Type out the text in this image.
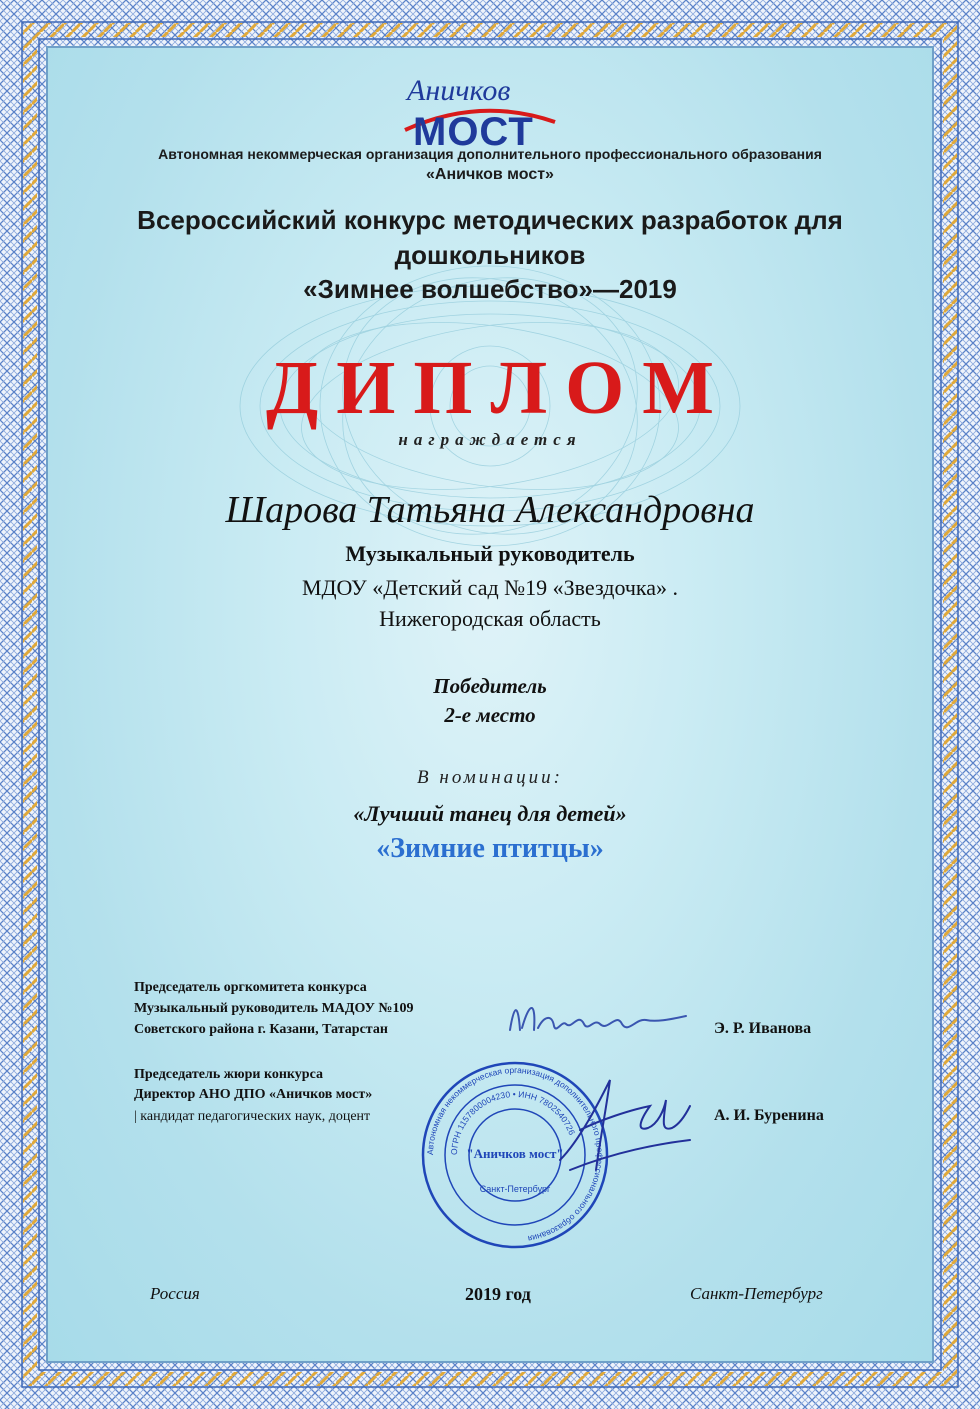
Аничков
МОСТ
Автономная некоммерческая организация дополнительного профессионального образования
«Аничков мост»
Всероссийский конкурс методических разработок для
дошкольников
«Зимнее волшебство»—2019
ДИПЛОМ
награждается
Шарова Татьяна Александровна
Музыкальный руководитель
МДОУ «Детский сад №19 «Звездочка» .
Нижегородская область
Победитель
2-е место
В номинации:
«Лучший танец для детей»
«Зимние птитцы»
Председатель оргкомитета конкурса
Музыкальный руководитель МАДОУ №109
Советского района г. Казани, Татарстан	Э. Р. Иванова
Председатель жюри конкурса
Директор АНО ДПО «Аничков мост»
| кандидат педагогических наук, доцент	А. И. Буренина
Автономная некоммерческая организация дополнительного профессионального образования
ОГРН 1157800004230 • ИНН 7802540726
"Аничков мост"
Санкт-Петербург
Россия	2019 год	Санкт-Петербург
